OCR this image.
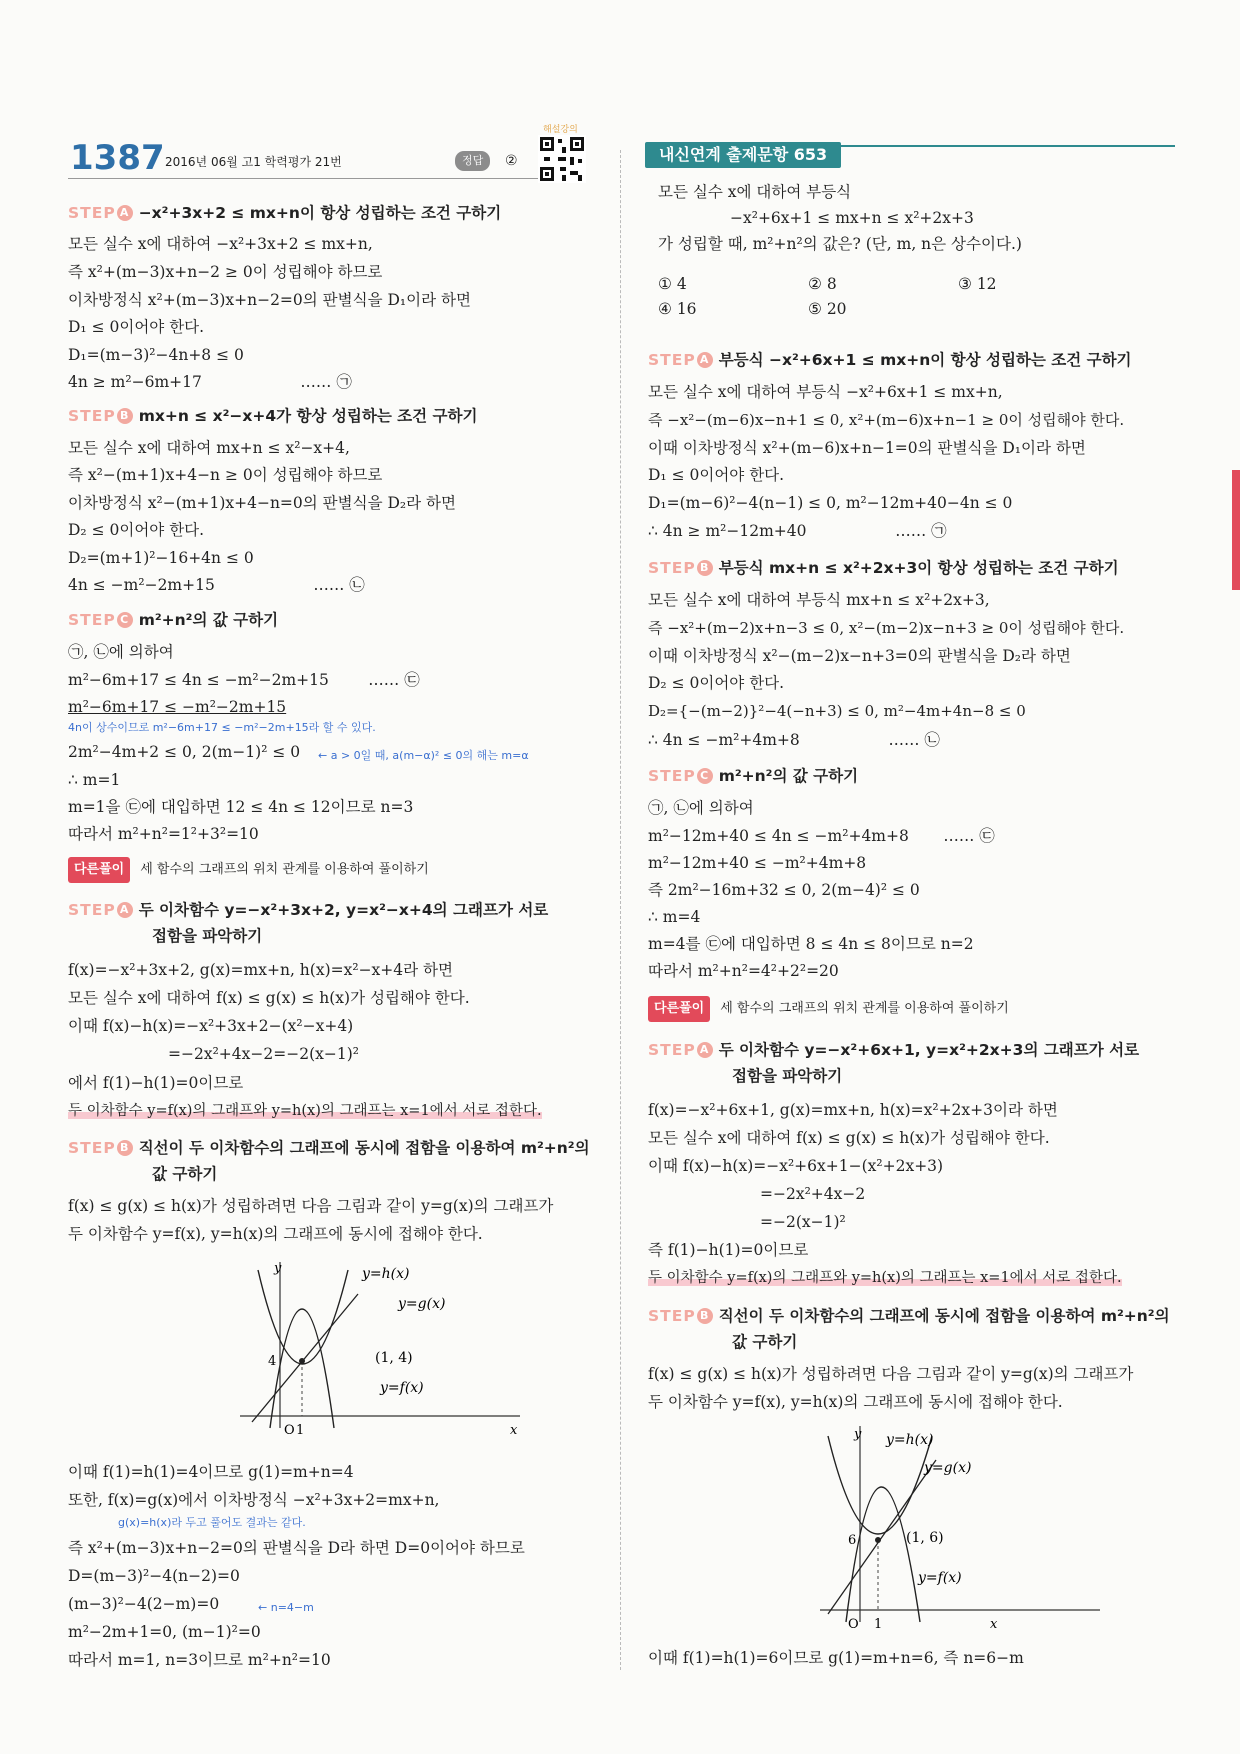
1387 2016년 06월 고1 학력평가 21번	정답	②
해설강의
STEP A −x²+3x+2 ≤ mx+n이 항상 성립하는 조건 구하기
모든 실수 x에 대하여 −x²+3x+2 ≤ mx+n,
즉 x²+(m−3)x+n−2 ≥ 0이 성립해야 하므로
이차방정식 x²+(m−3)x+n−2=0의 판별식을 D₁이라 하면
D₁ ≤ 0이어야 한다.
D₁=(m−3)²−4n+8 ≤ 0
4n ≥ m²−6m+17                    …… ㉠
STEP B mx+n ≤ x²−x+4가 항상 성립하는 조건 구하기
모든 실수 x에 대하여 mx+n ≤ x²−x+4,
즉 x²−(m+1)x+4−n ≥ 0이 성립해야 하므로
이차방정식 x²−(m+1)x+4−n=0의 판별식을 D₂라 하면
D₂ ≤ 0이어야 한다.
D₂=(m+1)²−16+4n ≤ 0
4n ≤ −m²−2m+15                    …… ㉡
STEP C m²+n²의 값 구하기
㉠, ㉡에 의하여
m²−6m+17 ≤ 4n ≤ −m²−2m+15        …… ㉢
m²−6m+17 ≤ −m²−2m+15
4n이 상수이므로 m²−6m+17 ≤ −m²−2m+15라 할 수 있다.
2m²−4m+2 ≤ 0, 2(m−1)² ≤ 0 ← a > 0일 때, a(m−α)² ≤ 0의 해는 m=α
∴ m=1
m=1을 ㉢에 대입하면 12 ≤ 4n ≤ 12이므로 n=3
따라서 m²+n²=1²+3²=10
다른풀이 세 함수의 그래프의 위치 관계를 이용하여 풀이하기
STEP A 두 이차함수 y=−x²+3x+2, y=x²−x+4의 그래프가 서로
접함을 파악하기
f(x)=−x²+3x+2, g(x)=mx+n, h(x)=x²−x+4라 하면
모든 실수 x에 대하여 f(x) ≤ g(x) ≤ h(x)가 성립해야 한다.
이때 f(x)−h(x)=−x²+3x+2−(x²−x+4)
=−2x²+4x−2=−2(x−1)²
에서 f(1)−h(1)=0이므로
두 이차함수 y=f(x)의 그래프와 y=h(x)의 그래프는 x=1에서 서로 접한다.
STEP B 직선이 두 이차함수의 그래프에 동시에 접함을 이용하여 m²+n²의
값 구하기
f(x) ≤ g(x) ≤ h(x)가 성립하려면 다음 그림과 같이 y=g(x)의 그래프가
두 이차함수 y=f(x), y=h(x)의 그래프에 동시에 접해야 한다.
y	y=h(x)
y=g(x)
(1, 4)
y=f(x)
4
O 1	x
이때 f(1)=h(1)=4이므로 g(1)=m+n=4
또한, f(x)=g(x)에서 이차방정식 −x²+3x+2=mx+n,
g(x)=h(x)라 두고 풀어도 결과는 같다.
즉 x²+(m−3)x+n−2=0의 판별식을 D라 하면 D=0이어야 하므로
D=(m−3)²−4(n−2)=0
(m−3)²−4(2−m)=0	← n=4−m
m²−2m+1=0, (m−1)²=0
따라서 m=1, n=3이므로 m²+n²=10
내신연계 출제문항 653
모든 실수 x에 대하여 부등식
−x²+6x+1 ≤ mx+n ≤ x²+2x+3
가 성립할 때, m²+n²의 값은? (단, m, n은 상수이다.)
① 4	② 8	③ 12
④ 16	⑤ 20
STEP A 부등식 −x²+6x+1 ≤ mx+n이 항상 성립하는 조건 구하기
모든 실수 x에 대하여 부등식 −x²+6x+1 ≤ mx+n,
즉 −x²−(m−6)x−n+1 ≤ 0, x²+(m−6)x+n−1 ≥ 0이 성립해야 한다.
이때 이차방정식 x²+(m−6)x+n−1=0의 판별식을 D₁이라 하면
D₁ ≤ 0이어야 한다.
D₁=(m−6)²−4(n−1) ≤ 0, m²−12m+40−4n ≤ 0
∴ 4n ≥ m²−12m+40                  …… ㉠
STEP B 부등식 mx+n ≤ x²+2x+3이 항상 성립하는 조건 구하기
모든 실수 x에 대하여 부등식 mx+n ≤ x²+2x+3,
즉 −x²+(m−2)x+n−3 ≤ 0, x²−(m−2)x−n+3 ≥ 0이 성립해야 한다.
이때 이차방정식 x²−(m−2)x−n+3=0의 판별식을 D₂라 하면
D₂ ≤ 0이어야 한다.
D₂={−(m−2)}²−4(−n+3) ≤ 0, m²−4m+4n−8 ≤ 0
∴ 4n ≤ −m²+4m+8                  …… ㉡
STEP C m²+n²의 값 구하기
㉠, ㉡에 의하여
m²−12m+40 ≤ 4n ≤ −m²+4m+8       …… ㉢
m²−12m+40 ≤ −m²+4m+8
즉 2m²−16m+32 ≤ 0, 2(m−4)² ≤ 0
∴ m=4
m=4를 ㉢에 대입하면 8 ≤ 4n ≤ 8이므로 n=2
따라서 m²+n²=4²+2²=20
다른풀이 세 함수의 그래프의 위치 관계를 이용하여 풀이하기
STEP A 두 이차함수 y=−x²+6x+1, y=x²+2x+3의 그래프가 서로
접함을 파악하기
f(x)=−x²+6x+1, g(x)=mx+n, h(x)=x²+2x+3이라 하면
모든 실수 x에 대하여 f(x) ≤ g(x) ≤ h(x)가 성립해야 한다.
이때 f(x)−h(x)=−x²+6x+1−(x²+2x+3)
=−2x²+4x−2
=−2(x−1)²
즉 f(1)−h(1)=0이므로
두 이차함수 y=f(x)의 그래프와 y=h(x)의 그래프는 x=1에서 서로 접한다.
STEP B 직선이 두 이차함수의 그래프에 동시에 접함을 이용하여 m²+n²의
값 구하기
f(x) ≤ g(x) ≤ h(x)가 성립하려면 다음 그림과 같이 y=g(x)의 그래프가
두 이차함수 y=f(x), y=h(x)의 그래프에 동시에 접해야 한다.
y y=h(x)
y=g(x)
(1, 6)
y=f(x)
6
O 1	x
이때 f(1)=h(1)=6이므로 g(1)=m+n=6, 즉 n=6−m
